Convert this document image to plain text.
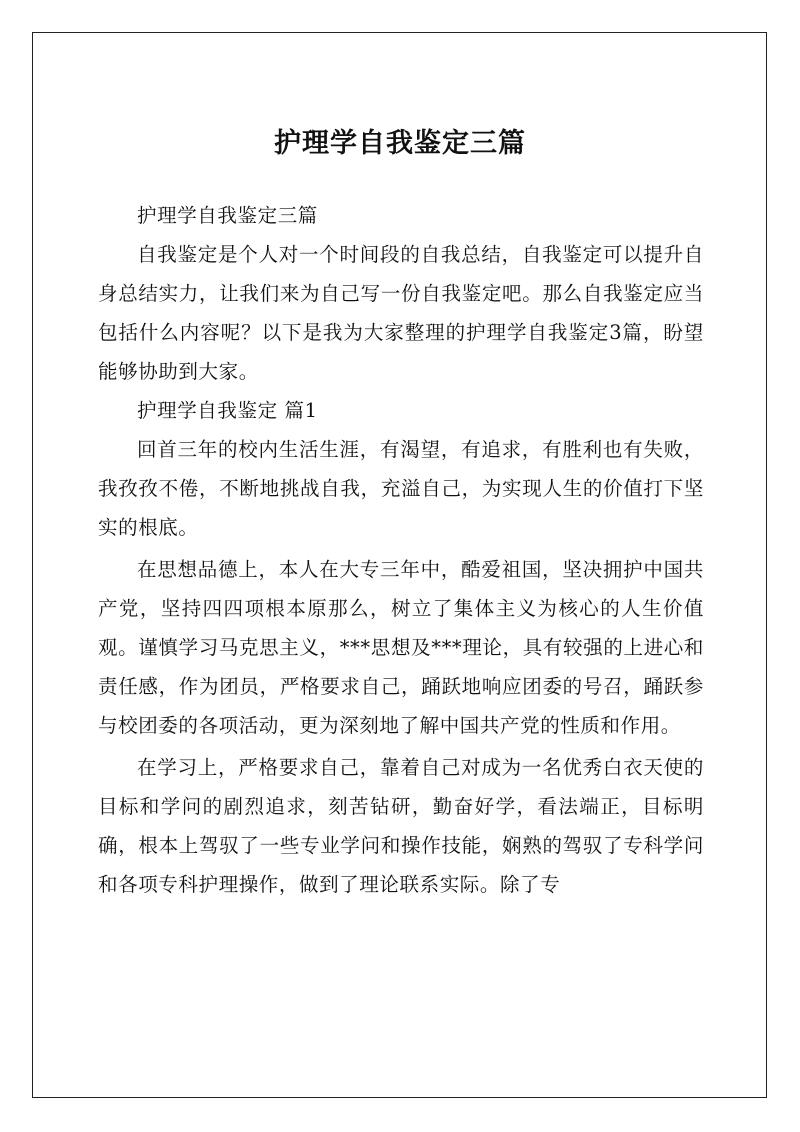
护理学自我鉴定三篇

护理学自我鉴定三篇

自我鉴定是个人对一个时间段的自我总结，自我鉴定可以提升自身总结实力，让我们来为自己写一份自我鉴定吧。那么自我鉴定应当包括什么内容呢？以下是我为大家整理的护理学自我鉴定3篇，盼望能够协助到大家。

护理学自我鉴定 篇1

回首三年的校内生活生涯，有渴望，有追求，有胜利也有失败，我孜孜不倦，不断地挑战自我，充溢自己，为实现人生的价值打下坚实的根底。

在思想品德上，本人在大专三年中，酷爱祖国，坚决拥护中国共产党，坚持四四项根本原那么，树立了集体主义为核心的人生价值观。谨慎学习马克思主义，***思想及***理论，具有较强的上进心和责任感，作为团员，严格要求自己，踊跃地响应团委的号召，踊跃参与校团委的各项活动，更为深刻地了解中国共产党的性质和作用。

在学习上，严格要求自己，靠着自己对成为一名优秀白衣天使的目标和学问的剧烈追求，刻苦钻研，勤奋好学，看法端正，目标明确，根本上驾驭了一些专业学问和操作技能，娴熟的驾驭了专科学问和各项专科护理操作，做到了理论联系实际。除了专
